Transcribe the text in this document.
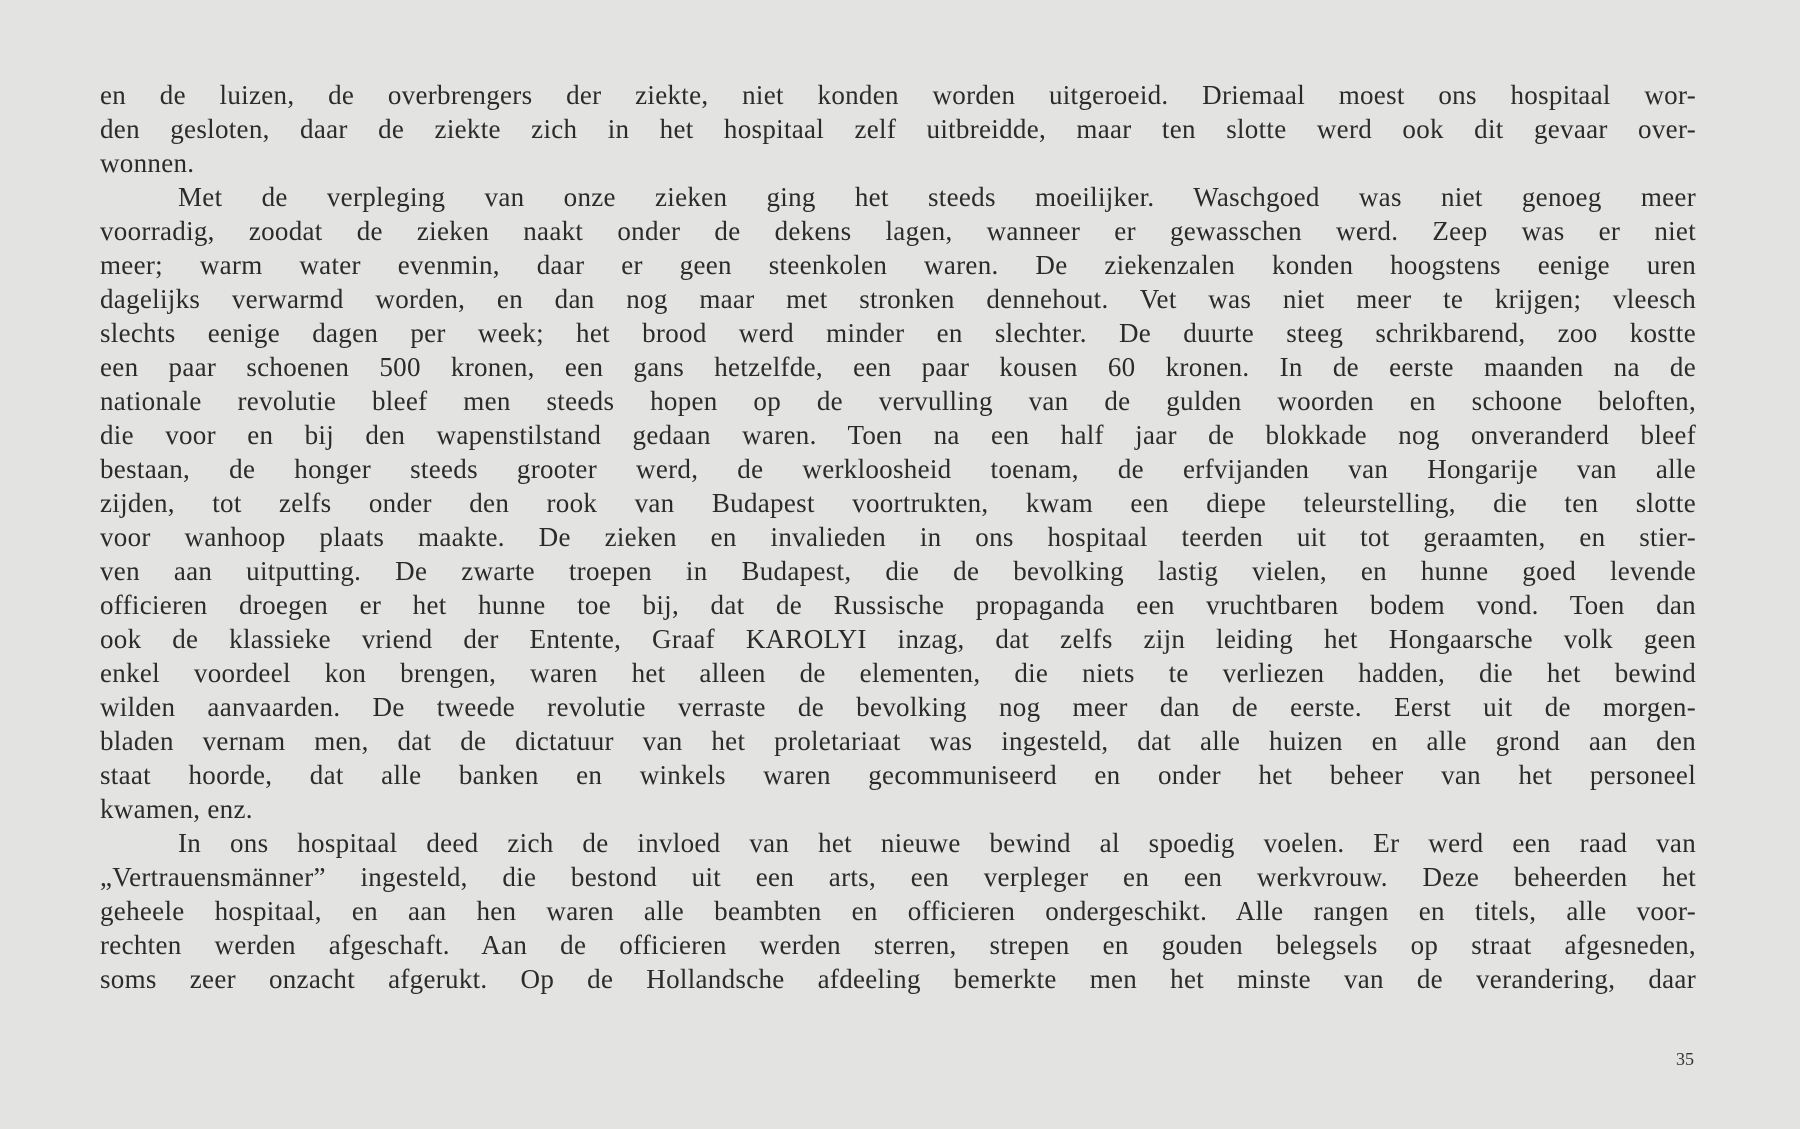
en de luizen, de overbrengers der ziekte, niet konden worden uitgeroeid. Driemaal moest ons hospitaal wor-
den gesloten, daar de ziekte zich in het hospitaal zelf uitbreidde, maar ten slotte werd ook dit gevaar over-
wonnen.
Met de verpleging van onze zieken ging het steeds moeilijker. Waschgoed was niet genoeg meer
voorradig, zoodat de zieken naakt onder de dekens lagen, wanneer er gewasschen werd. Zeep was er niet
meer; warm water evenmin, daar er geen steenkolen waren. De ziekenzalen konden hoogstens eenige uren
dagelijks verwarmd worden, en dan nog maar met stronken dennehout. Vet was niet meer te krijgen; vleesch
slechts eenige dagen per week; het brood werd minder en slechter. De duurte steeg schrikbarend, zoo kostte
een paar schoenen 500 kronen, een gans hetzelfde, een paar kousen 60 kronen. In de eerste maanden na de
nationale revolutie bleef men steeds hopen op de vervulling van de gulden woorden en schoone beloften,
die voor en bij den wapenstilstand gedaan waren. Toen na een half jaar de blokkade nog onveranderd bleef
bestaan, de honger steeds grooter werd, de werkloosheid toenam, de erfvijanden van Hongarije van alle
zijden, tot zelfs onder den rook van Budapest voortrukten, kwam een diepe teleurstelling, die ten slotte
voor wanhoop plaats maakte. De zieken en invalieden in ons hospitaal teerden uit tot geraamten, en stier-
ven aan uitputting. De zwarte troepen in Budapest, die de bevolking lastig vielen, en hunne goed levende
officieren droegen er het hunne toe bij, dat de Russische propaganda een vruchtbaren bodem vond. Toen dan
ook de klassieke vriend der Entente, Graaf KAROLYI inzag, dat zelfs zijn leiding het Hongaarsche volk geen
enkel voordeel kon brengen, waren het alleen de elementen, die niets te verliezen hadden, die het bewind
wilden aanvaarden. De tweede revolutie verraste de bevolking nog meer dan de eerste. Eerst uit de morgen-
bladen vernam men, dat de dictatuur van het proletariaat was ingesteld, dat alle huizen en alle grond aan den
staat hoorde, dat alle banken en winkels waren gecommuniseerd en onder het beheer van het personeel
kwamen, enz.
In ons hospitaal deed zich de invloed van het nieuwe bewind al spoedig voelen. Er werd een raad van
„Vertrauensmänner” ingesteld, die bestond uit een arts, een verpleger en een werkvrouw. Deze beheerden het
geheele hospitaal, en aan hen waren alle beambten en officieren ondergeschikt. Alle rangen en titels, alle voor-
rechten werden afgeschaft. Aan de officieren werden sterren, strepen en gouden belegsels op straat afgesneden,
soms zeer onzacht afgerukt. Op de Hollandsche afdeeling bemerkte men het minste van de verandering, daar
35
